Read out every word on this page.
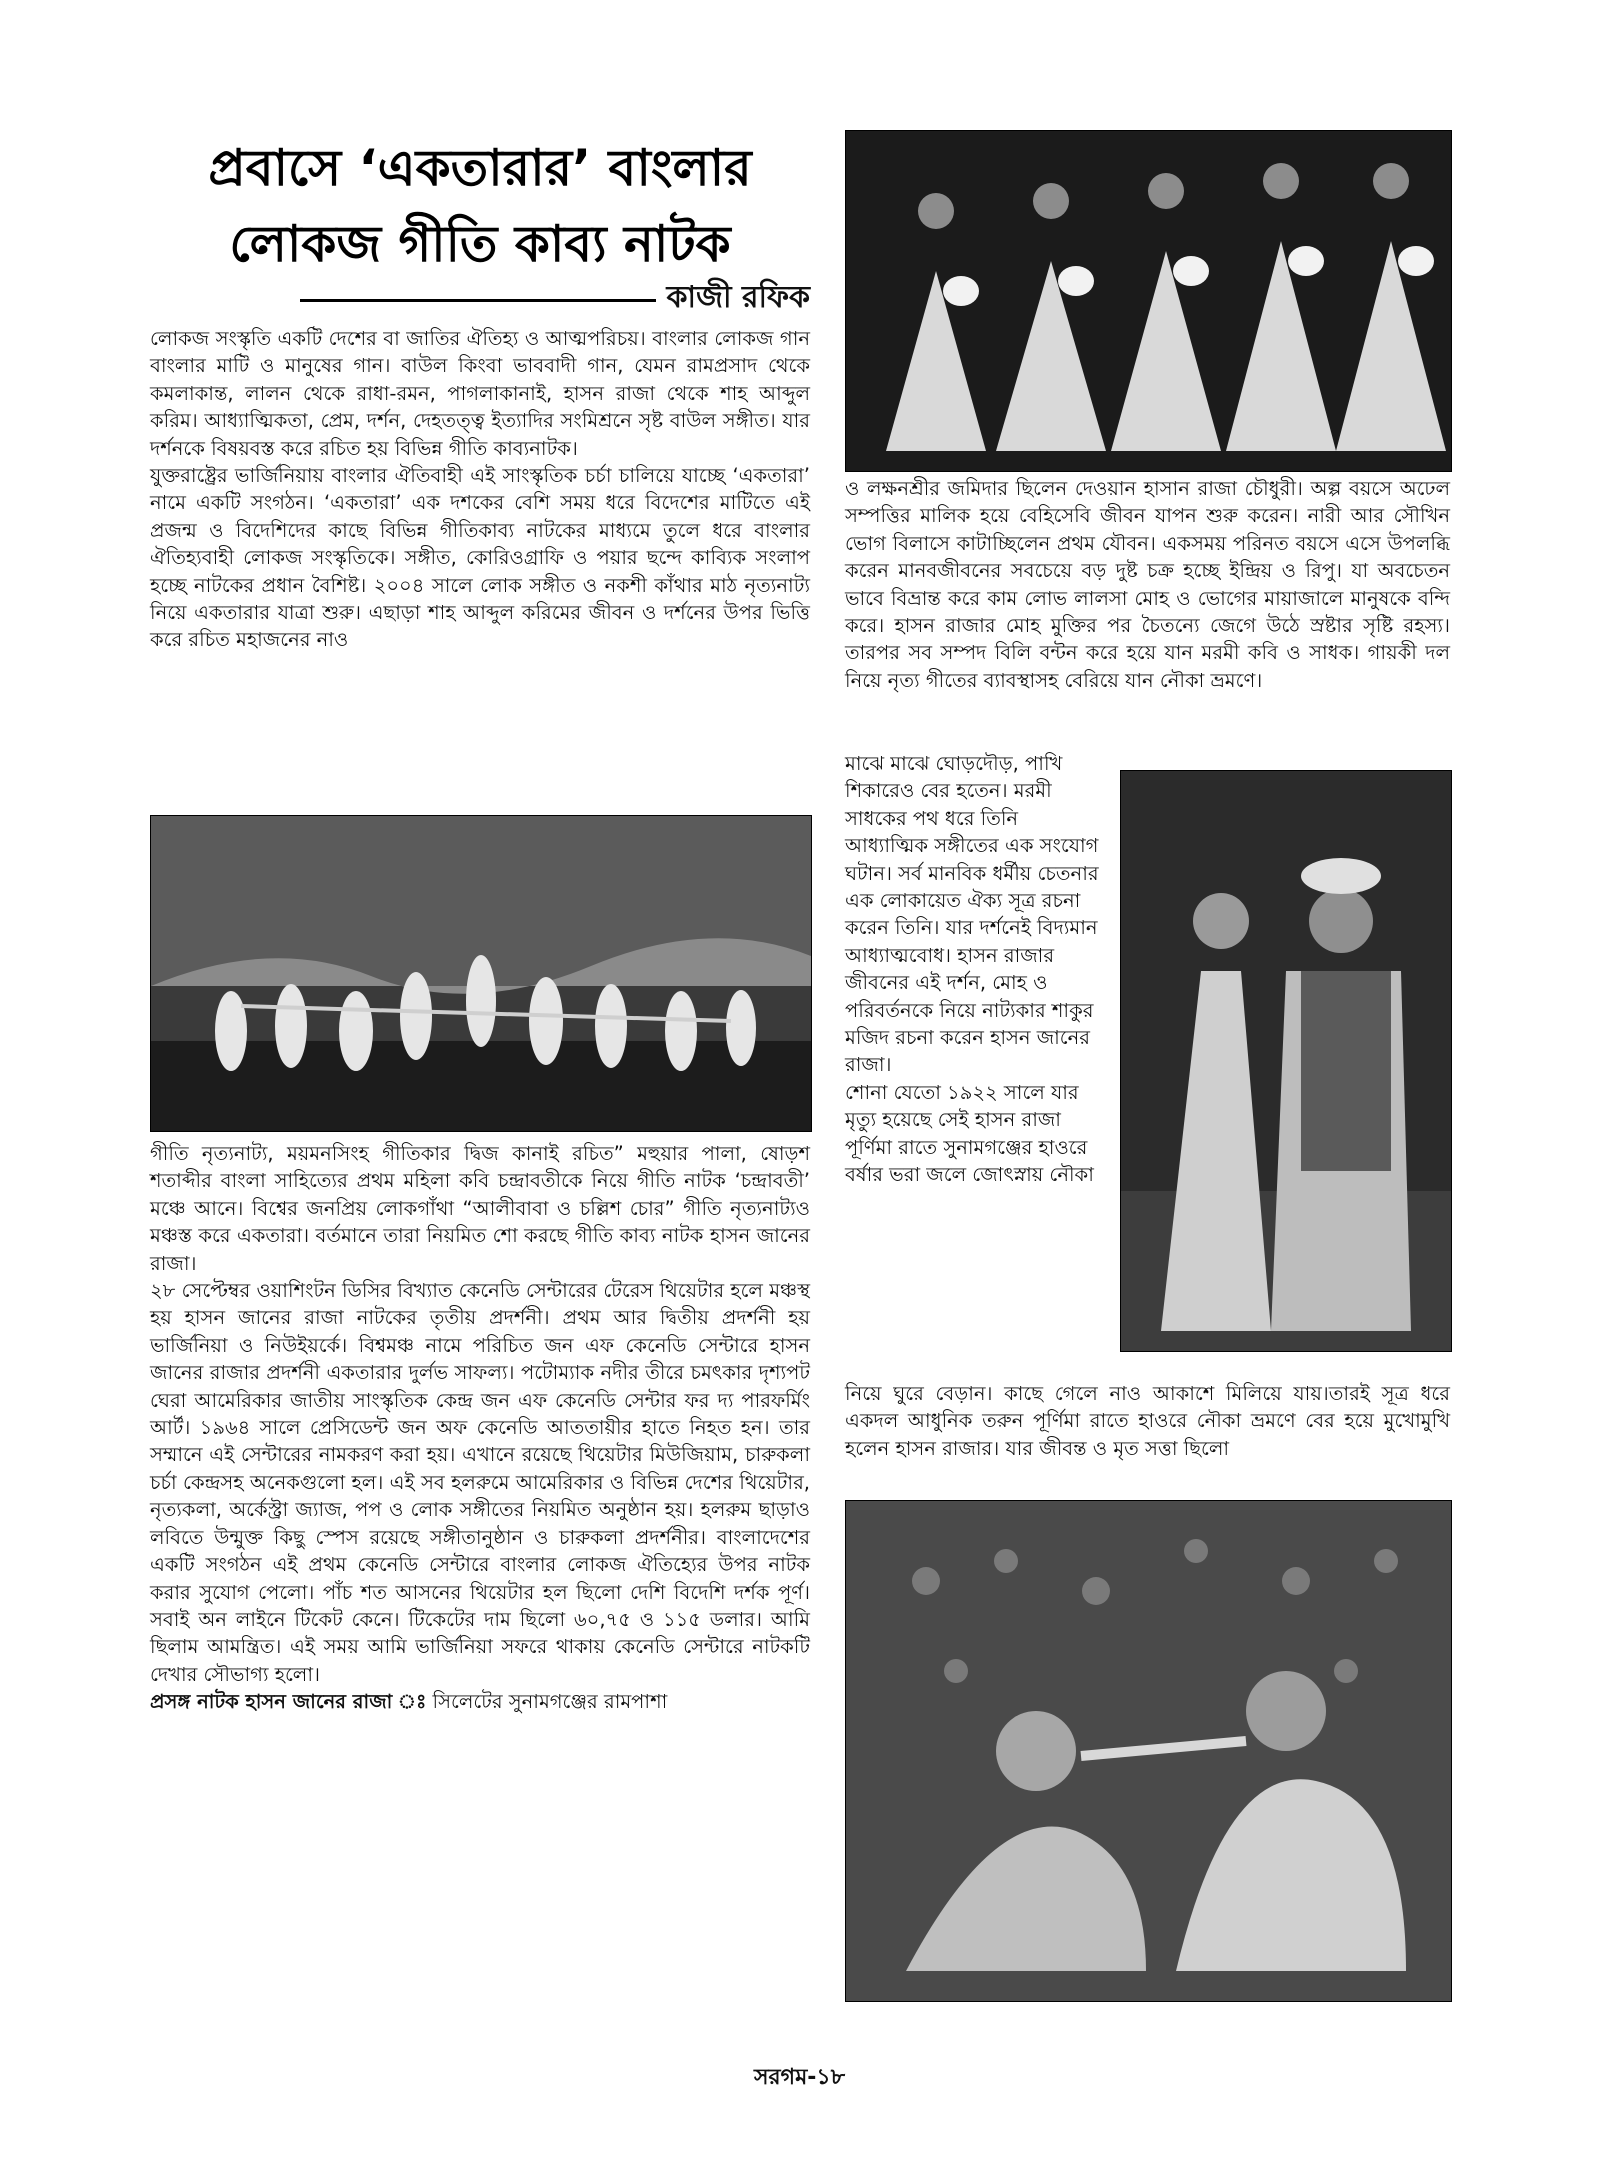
প্রবাসে ‘একতারার’ বাংলার
লোকজ গীতি কাব্য নাটক
কাজী রফিক

লোকজ সংস্কৃতি একটি দেশের বা জাতির ঐতিহ্য ও আত্মপরিচয়। বাংলার লোকজ গান বাংলার মাটি ও মানুষের গান। বাউল কিংবা ভাববাদী গান, যেমন রামপ্রসাদ থেকে কমলাকান্ত, লালন থেকে রাধা-রমন, পাগলাকানাই, হাসন রাজা থেকে শাহ আব্দুল করিম। আধ্যাত্মিকতা, প্রেম, দর্শন, দেহতত্ত্ব ইত্যাদির সংমিশ্রনে সৃষ্ট বাউল সঙ্গীত। যার দর্শনকে বিষয়বস্ত করে রচিত হয় বিভিন্ন গীতি কাব্যনাটক।

যুক্তরাষ্ট্রের ভার্জিনিয়ায় বাংলার ঐতিবাহী এই সাংস্কৃতিক চর্চা চালিয়ে যাচ্ছে ‘একতারা’ নামে একটি সংগঠন। ‘একতারা’ এক দশকের বেশি সময় ধরে বিদেশের মাটিতে এই প্রজন্ম ও বিদেশিদের কাছে বিভিন্ন গীতিকাব্য নাটকের মাধ্যমে তুলে ধরে বাংলার ঐতিহ্যবাহী লোকজ সংস্কৃতিকে। সঙ্গীত, কোরিওগ্রাফি ও পয়ার ছন্দে কাব্যিক সংলাপ হচ্ছে নাটকের প্রধান বৈশিষ্ট। ২০০৪ সালে লোক সঙ্গীত ও নকশী কাঁথার মাঠ নৃত্যনাট্য নিয়ে একতারার যাত্রা শুরু। এছাড়া শাহ আব্দুল করিমের জীবন ও দর্শনের উপর ভিত্তি করে রচিত মহাজনের নাও

গীতি নৃত্যনাট্য, ময়মনসিংহ গীতিকার দ্বিজ কানাই রচিত” মহুয়ার পালা, ষোড়শ শতাব্দীর বাংলা সাহিত্যের প্রথম মহিলা কবি চন্দ্রাবতীকে নিয়ে গীতি নাটক ‘চন্দ্রাবতী’ মঞ্চে আনে। বিশ্বের জনপ্রিয় লোকগাঁথা “আলীবাবা ও চল্লিশ চোর” গীতি নৃত্যনাট্যও মঞ্চস্ত করে একতারা। বর্তমানে তারা নিয়মিত শো করছে গীতি কাব্য নাটক হাসন জানের রাজা।

২৮ সেপ্টেম্বর ওয়াশিংটন ডিসির বিখ্যাত কেনেডি সেন্টারের টেরেস থিয়েটার হলে মঞ্চস্থ হয় হাসন জানের রাজা নাটকের তৃতীয় প্রদর্শনী। প্রথম আর দ্বিতীয় প্রদর্শনী হয় ভার্জিনিয়া ও নিউইয়র্কে। বিশ্বমঞ্চ নামে পরিচিত জন এফ কেনেডি সেন্টারে হাসন জানের রাজার প্রদর্শনী একতারার দুর্লভ সাফল্য। পটোম্যাক নদীর তীরে চমৎকার দৃশ্যপট ঘেরা আমেরিকার জাতীয় সাংস্কৃতিক কেন্দ্র জন এফ কেনেডি সেন্টার ফর দ্য পারফর্মিং আর্ট। ১৯৬৪ সালে প্রেসিডেন্ট জন অফ কেনেডি আততায়ীর হাতে নিহত হন। তার সম্মানে এই সেন্টারের নামকরণ করা হয়। এখানে রয়েছে থিয়েটার মিউজিয়াম, চারুকলা চর্চা কেন্দ্রসহ অনেকগুলো হল। এই সব হলরুমে আমেরিকার ও বিভিন্ন দেশের থিয়েটার, নৃত্যকলা, অর্কেস্ট্রা জ্যাজ, পপ ও লোক সঙ্গীতের নিয়মিত অনুষ্ঠান হয়। হলরুম ছাড়াও লবিতে উন্মুক্ত কিছু স্পেস রয়েছে সঙ্গীতানুষ্ঠান ও চারুকলা প্রদর্শনীর। বাংলাদেশের একটি সংগঠন এই প্রথম কেনেডি সেন্টারে বাংলার লোকজ ঐতিহ্যের উপর নাটক করার সুযোগ পেলো। পাঁচ শত আসনের থিয়েটার হল ছিলো দেশি বিদেশি দর্শক পূর্ণ। সবাই অন লাইনে টিকেট কেনে। টিকেটের দাম ছিলো ৬০,৭৫ ও ১১৫ ডলার। আমি ছিলাম আমন্ত্রিত। এই সময় আমি ভার্জিনিয়া সফরে থাকায় কেনেডি সেন্টারে নাটকটি দেখার সৌভাগ্য হলো।

প্রসঙ্গ নাটক হাসন জানের রাজা ঃ সিলেটের সুনামগঞ্জের রামপাশা

ও লক্ষনশ্রীর জমিদার ছিলেন দেওয়ান হাসান রাজা চৌধুরী। অল্প বয়সে অঢেল সম্পত্তির মালিক হয়ে বেহিসেবি জীবন যাপন শুরু করেন। নারী আর সৌখিন ভোগ বিলাসে কাটাচ্ছিলেন প্রথম যৌবন। একসময় পরিনত বয়সে এসে উপলব্ধি করেন মানবজীবনের সবচেয়ে বড় দুষ্ট চক্র হচ্ছে ইন্দ্রিয় ও রিপু। যা অবচেতন ভাবে বিভ্রান্ত করে কাম লোভ লালসা মোহ ও ভোগের মায়াজালে মানুষকে বন্দি করে। হাসন রাজার মোহ মুক্তির পর চৈতন্যে জেগে উঠে স্রষ্টার সৃষ্টি রহস্য। তারপর সব সম্পদ বিলি বন্টন করে হয়ে যান মরমী কবি ও সাধক। গায়কী দল নিয়ে নৃত্য গীতের ব্যাবস্থাসহ বেরিয়ে যান নৌকা ভ্রমণে।

মাঝে মাঝে ঘোড়দৌড়, পাখি শিকারেও বের হতেন। মরমী সাধকের পথ ধরে তিনি আধ্যাত্মিক সঙ্গীতের এক সংযোগ ঘটান। সর্ব মানবিক ধর্মীয় চেতনার এক লোকায়েত ঐক্য সূত্র রচনা করেন তিনি। যার দর্শনেই বিদ্যমান আধ্যাত্মবোধ। হাসন রাজার জীবনের এই দর্শন, মোহ ও পরিবর্তনকে নিয়ে নাট্যকার শাকুর মজিদ রচনা করেন হাসন জানের রাজা।

শোনা যেতো ১৯২২ সালে যার মৃত্যু হয়েছে সেই হাসন রাজা পূর্ণিমা রাতে সুনামগঞ্জের হাওরে বর্ষার ভরা জলে জোৎস্নায় নৌকা

নিয়ে ঘুরে বেড়ান। কাছে গেলে নাও আকাশে মিলিয়ে যায়।তারই সূত্র ধরে একদল আধুনিক তরুন পূর্ণিমা রাতে হাওরে নৌকা ভ্রমণে বের হয়ে মুখোমুখি হলেন হাসন রাজার। যার জীবন্ত ও মৃত সত্তা ছিলো

সরগম-১৮
